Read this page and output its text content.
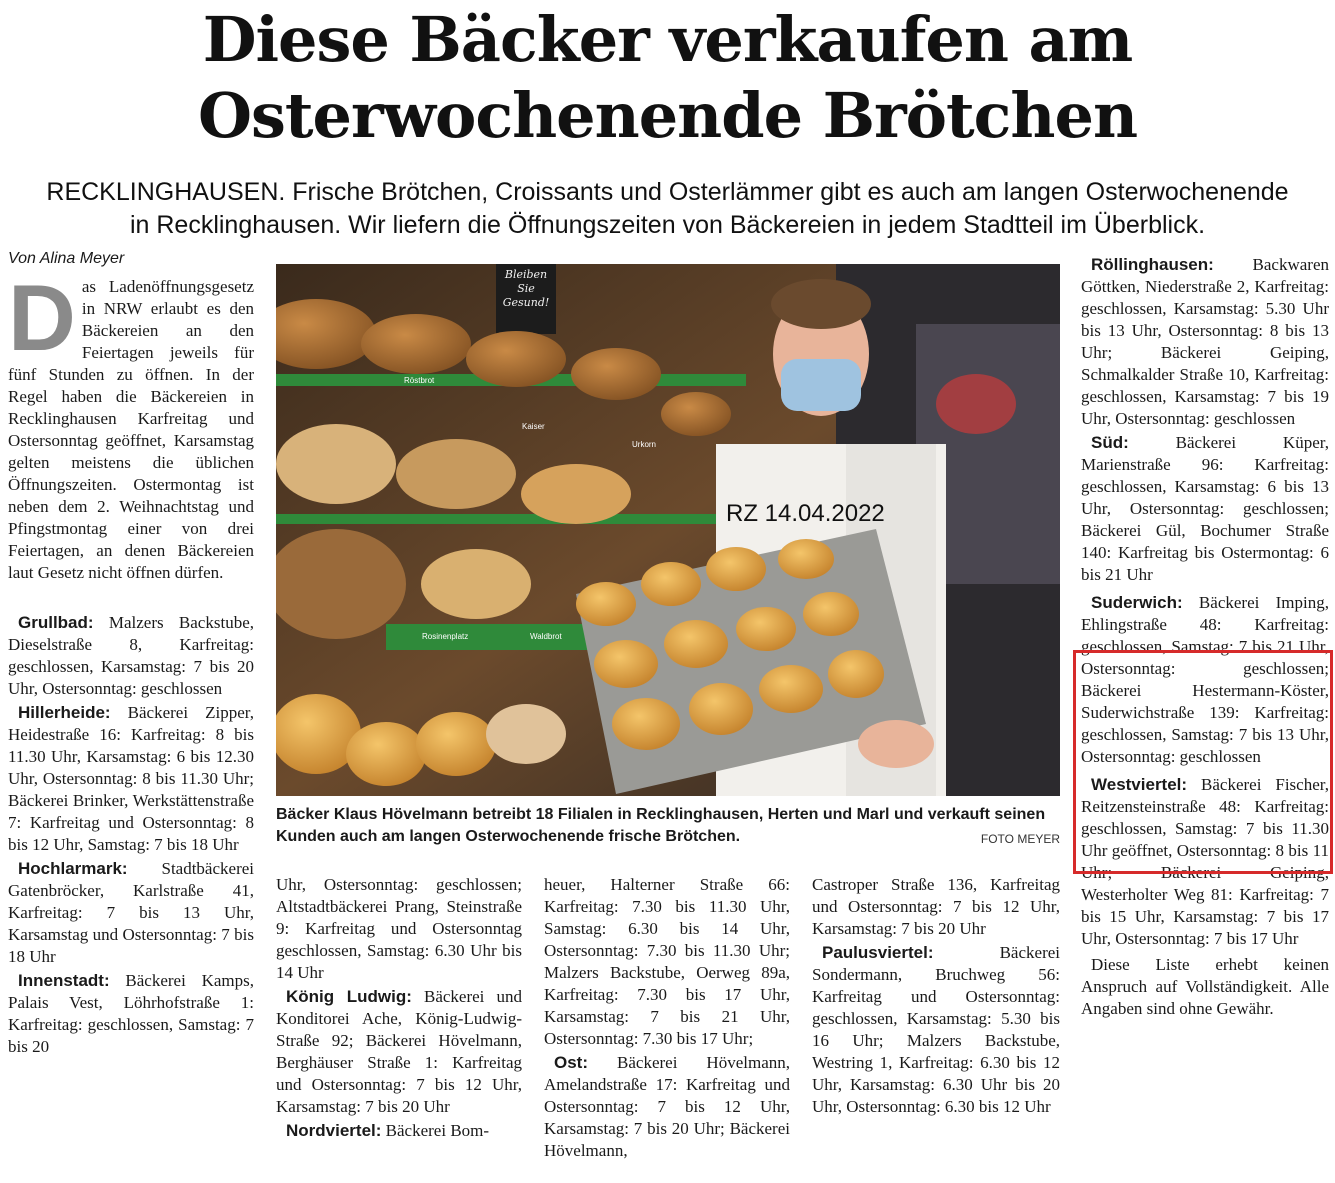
Diese Bäcker verkaufen am
Osterwochenende Brötchen
RECKLINGHAUSEN. Frische Brötchen, Croissants und Osterlämmer gibt es auch am langen Osterwochenende
in Recklinghausen. Wir liefern die Öffnungszeiten von Bäckereien in jedem Stadtteil im Überblick.
Von Alina Meyer
D as Ladenöffnungsgesetz in NRW erlaubt es den Bäckereien an den Feiertagen jeweils für fünf Stunden zu öffnen. In der Regel haben die Bäckereien in Recklinghausen Karfreitag und Ostersonntag geöffnet, Karsamstag gelten meistens die üblichen Öffnungszeiten. Ostermontag ist neben dem 2. Weihnachtstag und Pfingstmontag einer von drei Feiertagen, an denen Bäckereien laut Gesetz nicht öffnen dürfen.

Grullbad: Malzers Backstube, Dieselstraße 8, Karfreitag: geschlossen, Karsamstag: 7 bis 20 Uhr, Ostersonntag: geschlossen

Hillerheide: Bäckerei Zipper, Heidestraße 16: Karfreitag: 8 bis 11.30 Uhr, Karsamstag: 6 bis 12.30 Uhr, Ostersonntag: 8 bis 11.30 Uhr; Bäckerei Brinker, Werkstättenstraße 7: Karfreitag und Ostersonntag: 8 bis 12 Uhr, Samstag: 7 bis 18 Uhr

Hochlarmark: Stadtbäckerei Gatenbröcker, Karlstraße 41, Karfreitag: 7 bis 13 Uhr, Karsamstag und Ostersonntag: 7 bis 18 Uhr

Innenstadt: Bäckerei Kamps, Palais Vest, Löhrhofstraße 1: Karfreitag: geschlossen, Samstag: 7 bis 20

Bleiben
Sie
Gesund!
Röstbrot
Kaiser
Urkorn
Rosinenplatz	Waldbrot
RZ 14.04.2022
Bäcker Klaus Hövelmann betreibt 18 Filialen in Recklinghausen, Herten und Marl und verkauft seinen Kunden auch am langen Osterwochenende frische Brötchen.	FOTO MEYER

Uhr, Ostersonntag: geschlossen; Altstadtbäckerei Prang, Steinstraße 9: Karfreitag und Ostersonntag geschlossen, Samstag: 6.30 Uhr bis 14 Uhr

König Ludwig: Bäckerei und Konditorei Ache, König-Ludwig-Straße 92; Bäckerei Hövelmann, Berghäuser Straße 1: Karfreitag und Ostersonntag: 7 bis 12 Uhr, Karsamstag: 7 bis 20 Uhr

Nordviertel: Bäckerei Bom-

heuer, Halterner Straße 66: Karfreitag: 7.30 bis 11.30 Uhr, Samstag: 6.30 bis 14 Uhr, Ostersonntag: 7.30 bis 11.30 Uhr; Malzers Backstube, Oerweg 89a, Karfreitag: 7.30 bis 17 Uhr, Karsamstag: 7 bis 21 Uhr, Ostersonntag: 7.30 bis 17 Uhr;

Ost: Bäckerei Hövelmann, Amelandstraße 17: Karfreitag und Ostersonntag: 7 bis 12 Uhr, Karsamstag: 7 bis 20 Uhr; Bäckerei Hövelmann,

Castroper Straße 136, Karfreitag und Ostersonntag: 7 bis 12 Uhr, Karsamstag: 7 bis 20 Uhr

Paulusviertel: Bäckerei Sondermann, Bruchweg 56: Karfreitag und Ostersonntag: geschlossen, Karsamstag: 5.30 bis 16 Uhr; Malzers Backstube, Westring 1, Karfreitag: 6.30 bis 12 Uhr, Karsamstag: 6.30 Uhr bis 20 Uhr, Ostersonntag: 6.30 bis 12 Uhr

Röllinghausen: Backwaren Göttken, Niederstraße 2, Karfreitag: geschlossen, Karsamstag: 5.30 Uhr bis 13 Uhr, Ostersonntag: 8 bis 13 Uhr; Bäckerei Geiping, Schmalkalder Straße 10, Karfreitag: geschlossen, Karsamstag: 7 bis 19 Uhr, Ostersonntag: geschlossen

Süd: Bäckerei Küper, Marienstraße 96: Karfreitag: geschlossen, Karsamstag: 6 bis 13 Uhr, Ostersonntag: geschlossen; Bäckerei Gül, Bochumer Straße 140: Karfreitag bis Ostermontag: 6 bis 21 Uhr

Suderwich: Bäckerei Imping, Ehlingstraße 48: Karfreitag: geschlossen, Samstag: 7 bis 21 Uhr, Ostersonntag: geschlossen; Bäckerei Hestermann-Köster, Suderwichstraße 139: Karfreitag: geschlossen, Samstag: 7 bis 13 Uhr, Ostersonntag: geschlossen

Westviertel: Bäckerei Fischer, Reitzensteinstraße 48: Karfreitag: geschlossen, Samstag: 7 bis 11.30 Uhr geöffnet, Ostersonntag: 8 bis 11 Uhr; Bäckerei Geiping, Westerholter Weg 81: Karfreitag: 7 bis 15 Uhr, Karsamstag: 7 bis 17 Uhr, Ostersonntag: 7 bis 17 Uhr

Diese Liste erhebt keinen Anspruch auf Vollständigkeit. Alle Angaben sind ohne Gewähr.
